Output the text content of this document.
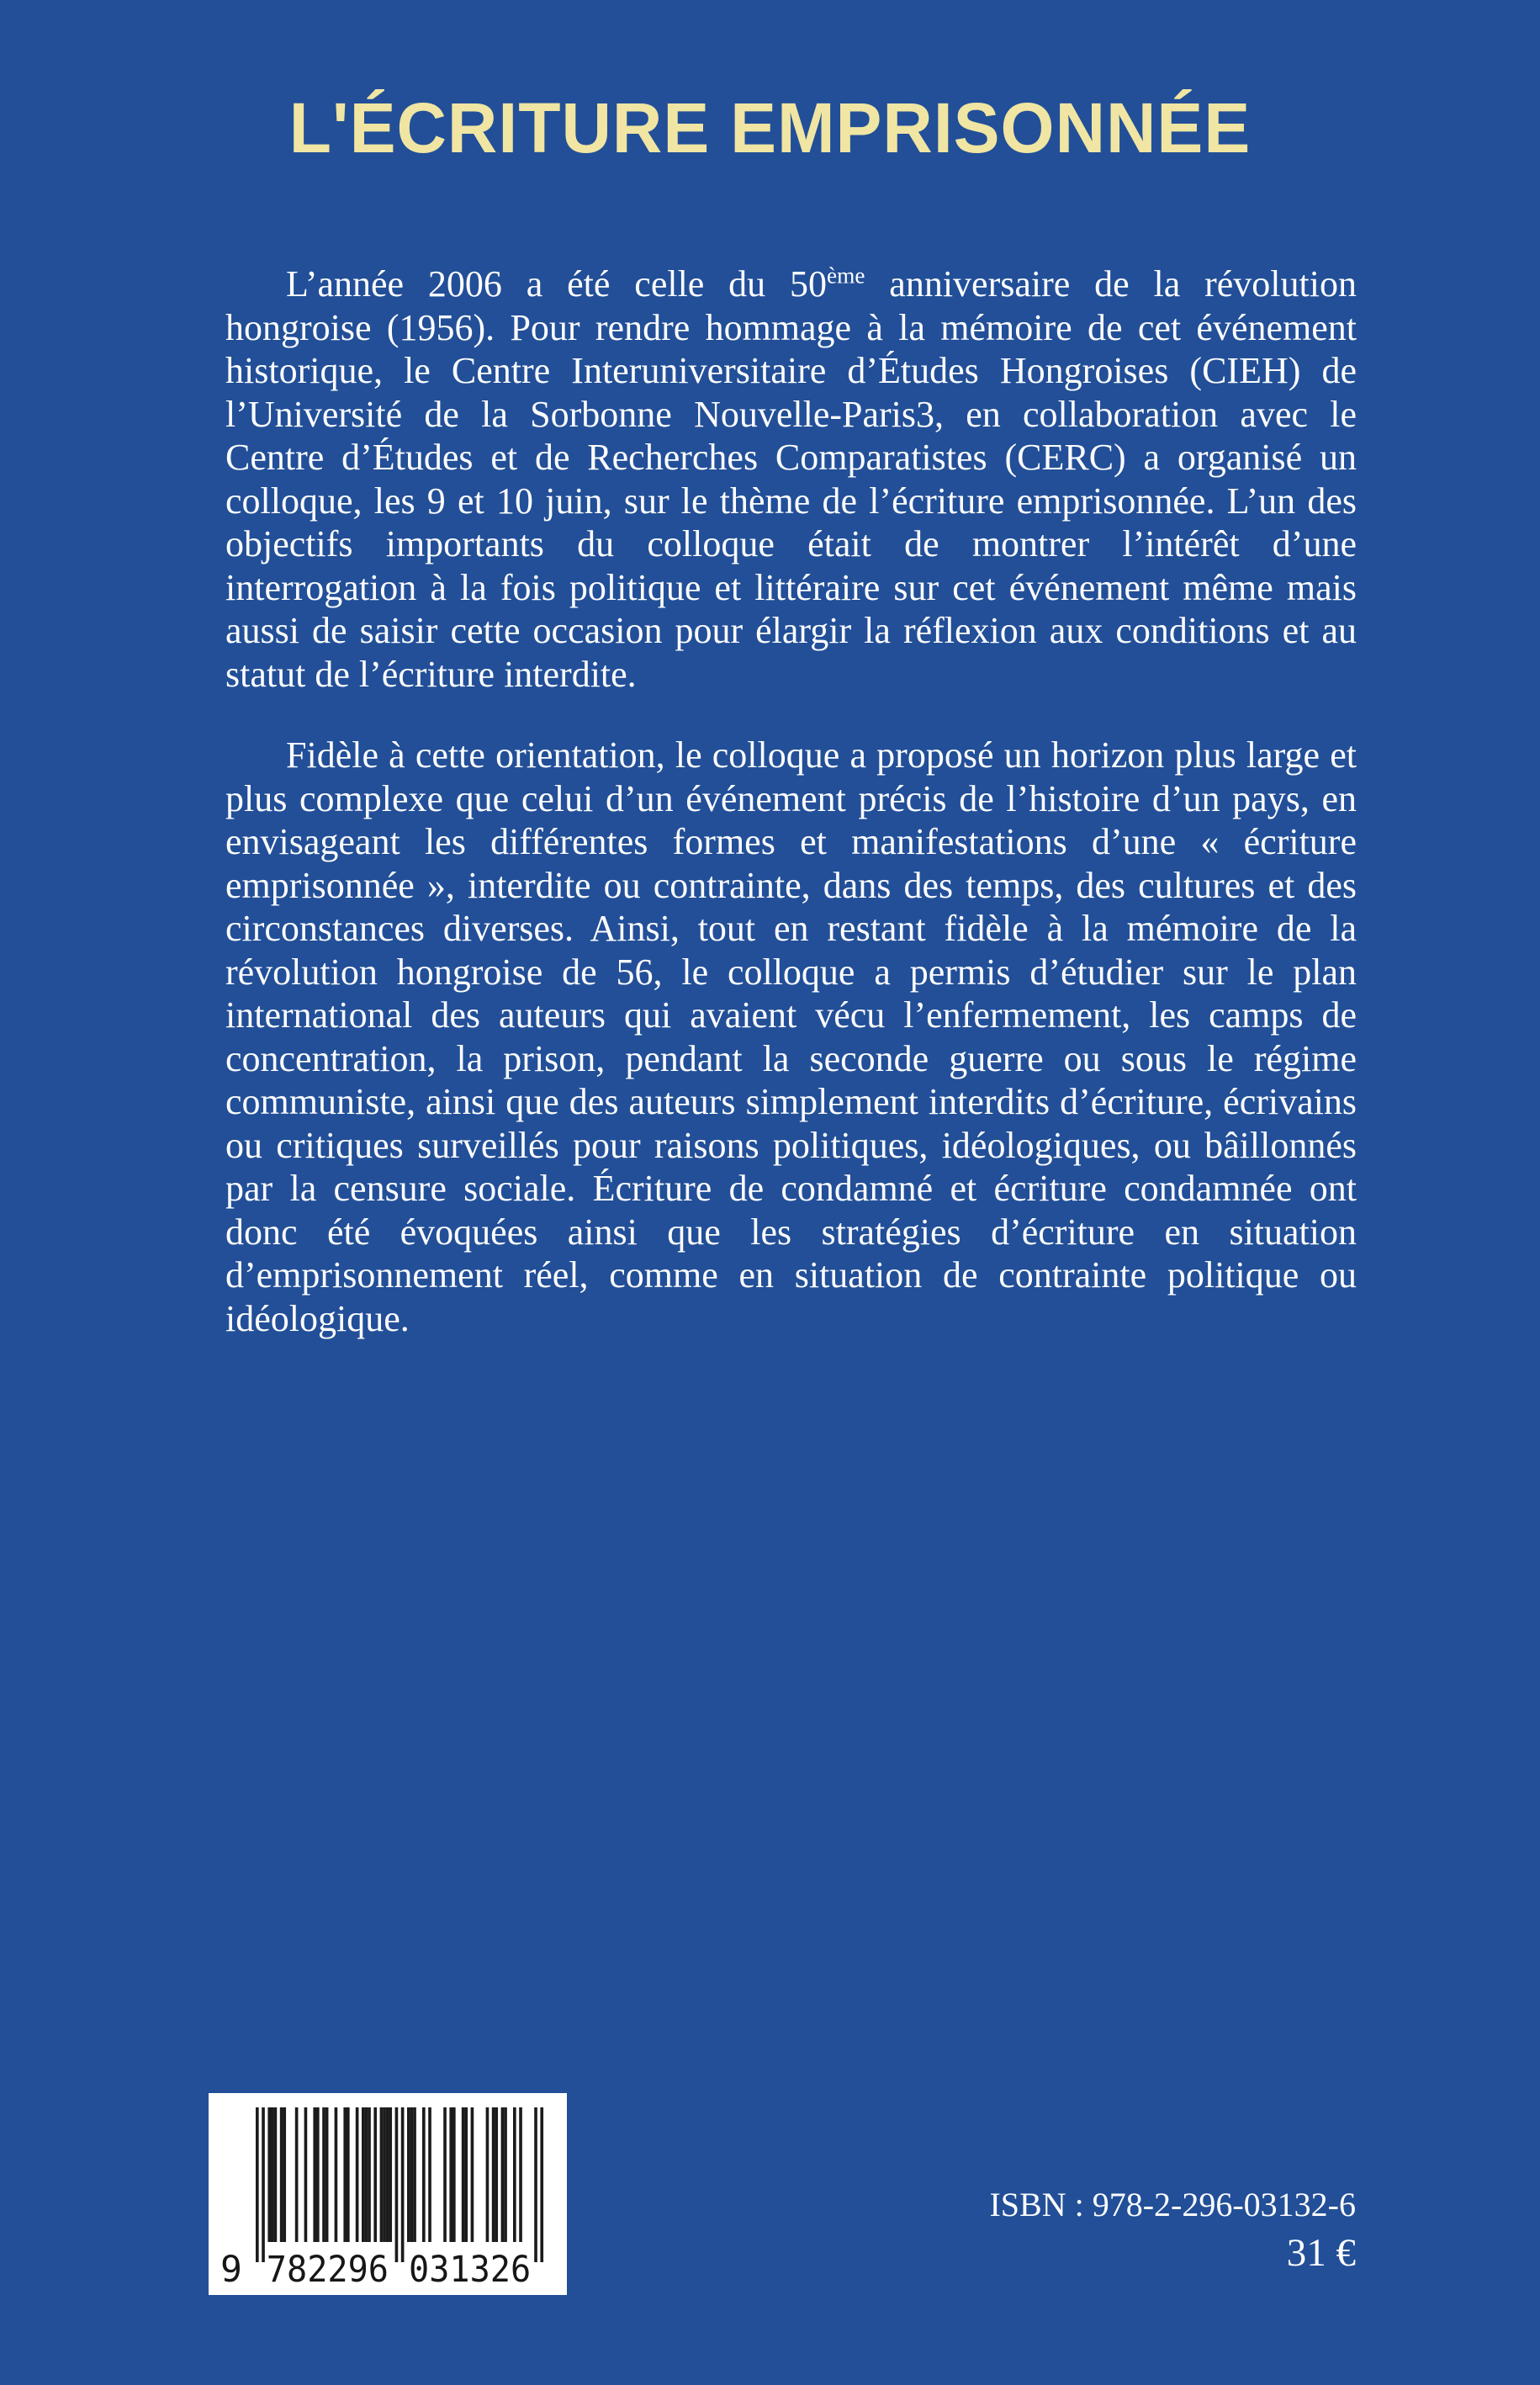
L'ÉCRITURE EMPRISONNÉE

L’année 2006 a été celle du 50ème anniversaire de la révolution hongroise (1956). Pour rendre hommage à la mémoire de cet événement historique, le Centre Interuniversitaire d’Études Hongroises (CIEH) de l’Université de la Sorbonne Nouvelle-Paris3, en collaboration avec le Centre d’Études et de Recherches Comparatistes (CERC) a organisé un colloque, les 9 et 10 juin, sur le thème de l’écriture emprisonnée. L’un des objectifs importants du colloque était de montrer l’intérêt d’une interrogation à la fois politique et littéraire sur cet événement même mais aussi de saisir cette occasion pour élargir la réflexion aux conditions et au statut de l’écriture interdite.

Fidèle à cette orientation, le colloque a proposé un horizon plus large et plus complexe que celui d’un événement précis de l’histoire d’un pays, en envisageant les différentes formes et manifestations d’une « écriture emprisonnée », interdite ou contrainte, dans des temps, des cultures et des circonstances diverses. Ainsi, tout en restant fidèle à la mémoire de la révolution hongroise de 56, le colloque a permis d’étudier sur le plan international des auteurs qui avaient vécu l’enfermement, les camps de concentration, la prison, pendant la seconde guerre ou sous le régime communiste, ainsi que des auteurs simplement interdits d’écriture, écrivains ou critiques surveillés pour raisons politiques, idéologiques, ou bâillonnés par la censure sociale. Écriture de condamné et écriture condamnée ont donc été évoquées ainsi que les stratégies d’écriture en situation d’emprisonnement réel, comme en situation de contrainte politique ou idéologique.

9 782296 031326
ISBN : 978-2-296-03132-6
31 €
